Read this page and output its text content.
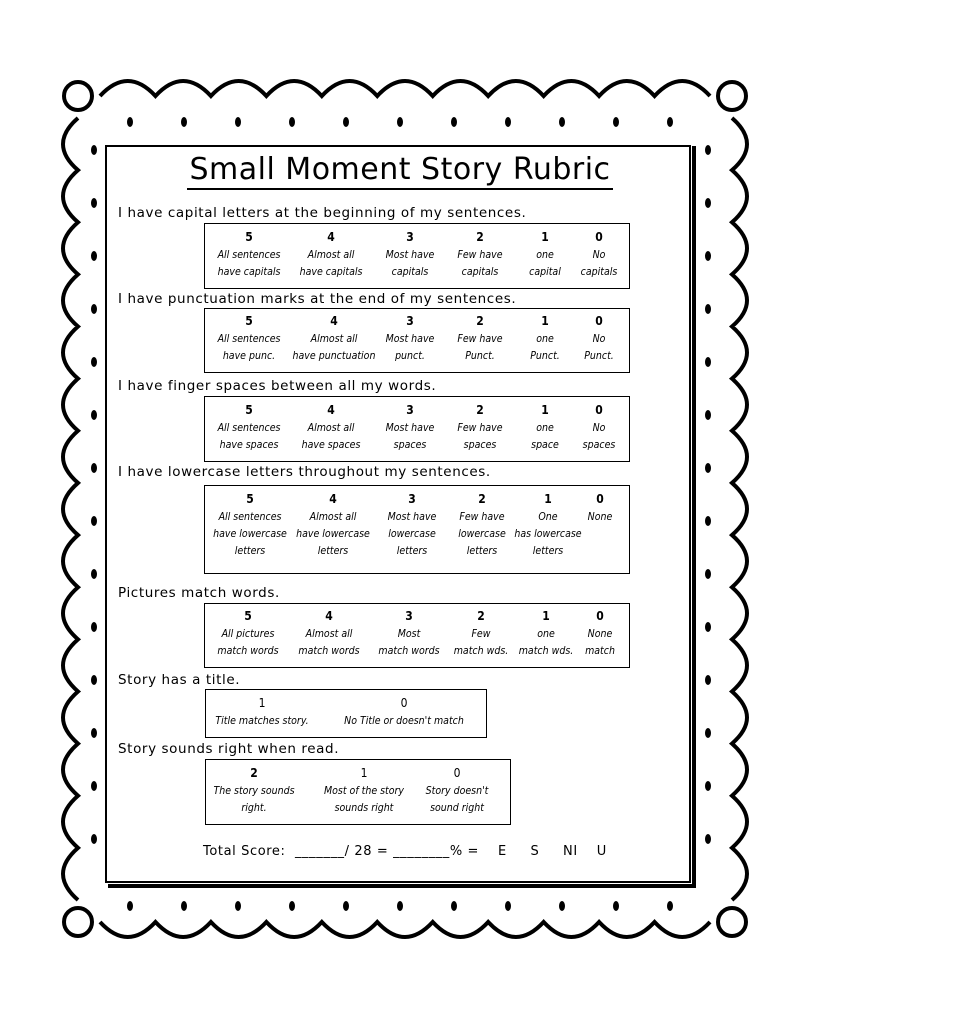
Small Moment Story Rubric
I have capital letters at the beginning of my sentences.
5
All sentences
have capitals
4
Almost all
have capitals
3
Most have
capitals
2
Few have
capitals
1
one
capital
0
No
capitals
I have punctuation marks at the end of my sentences.
5
All sentences
have punc.
4
Almost all
have punctuation
3
Most have
punct.
2
Few have
Punct.
1
one
Punct.
0
No
Punct.
I have finger spaces between all my words.
5
All sentences
have spaces
4
Almost all
have spaces
3
Most have
spaces
2
Few have
spaces
1
one
space
0
No
spaces
I have lowercase letters throughout my sentences.
5
All sentences
have lowercase
letters
4
Almost all
have lowercase
letters
3
Most have
lowercase
letters
2
Few have
lowercase
letters
1
One
has lowercase
letters
0
None
Pictures match words.
5
All pictures
match words
4
Almost all
match words
3
Most
match words
2
Few
match wds.
1
one
match wds.
0
None
match
Story has a title.
1
Title matches story.
0
No Title or doesn't match
Story sounds right when read.
2
The story sounds
right.
1
Most of the story
sounds right
0
Story doesn't
sound right
Total Score: _______/ 28 = ________% = E S NI U
